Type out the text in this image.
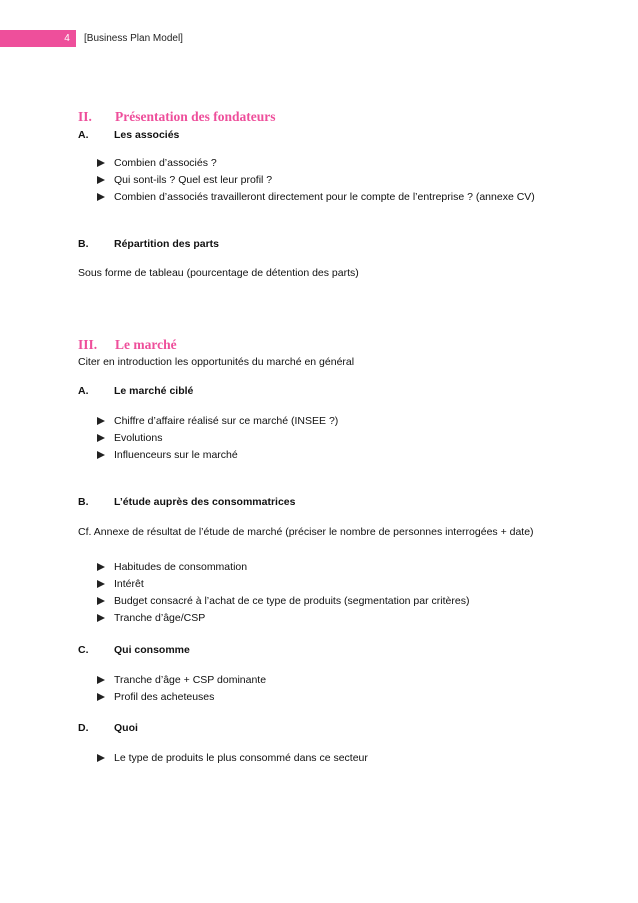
4	[Business Plan Model]
II. Présentation des fondateurs
A. Les associés
Combien d’associés ?
Qui sont-ils ? Quel est leur profil ?
Combien d’associés travailleront directement pour le compte de l’entreprise ? (annexe CV)
B. Répartition des parts
Sous forme de tableau (pourcentage de détention des parts)
III. Le marché
Citer en introduction les opportunités du marché en général
A. Le marché ciblé
Chiffre d’affaire réalisé sur ce marché (INSEE ?)
Evolutions
Influenceurs sur le marché
B. L’étude auprès des consommatrices
Cf. Annexe de résultat de l’étude de marché (préciser le nombre de personnes interrogées + date)
Habitudes de consommation
Intérêt
Budget consacré à l’achat de ce type de produits (segmentation par critères)
Tranche d’âge/CSP
C. Qui consomme
Tranche d’âge + CSP dominante
Profil des acheteuses
D. Quoi
Le type de produits le plus consommé dans ce secteur
